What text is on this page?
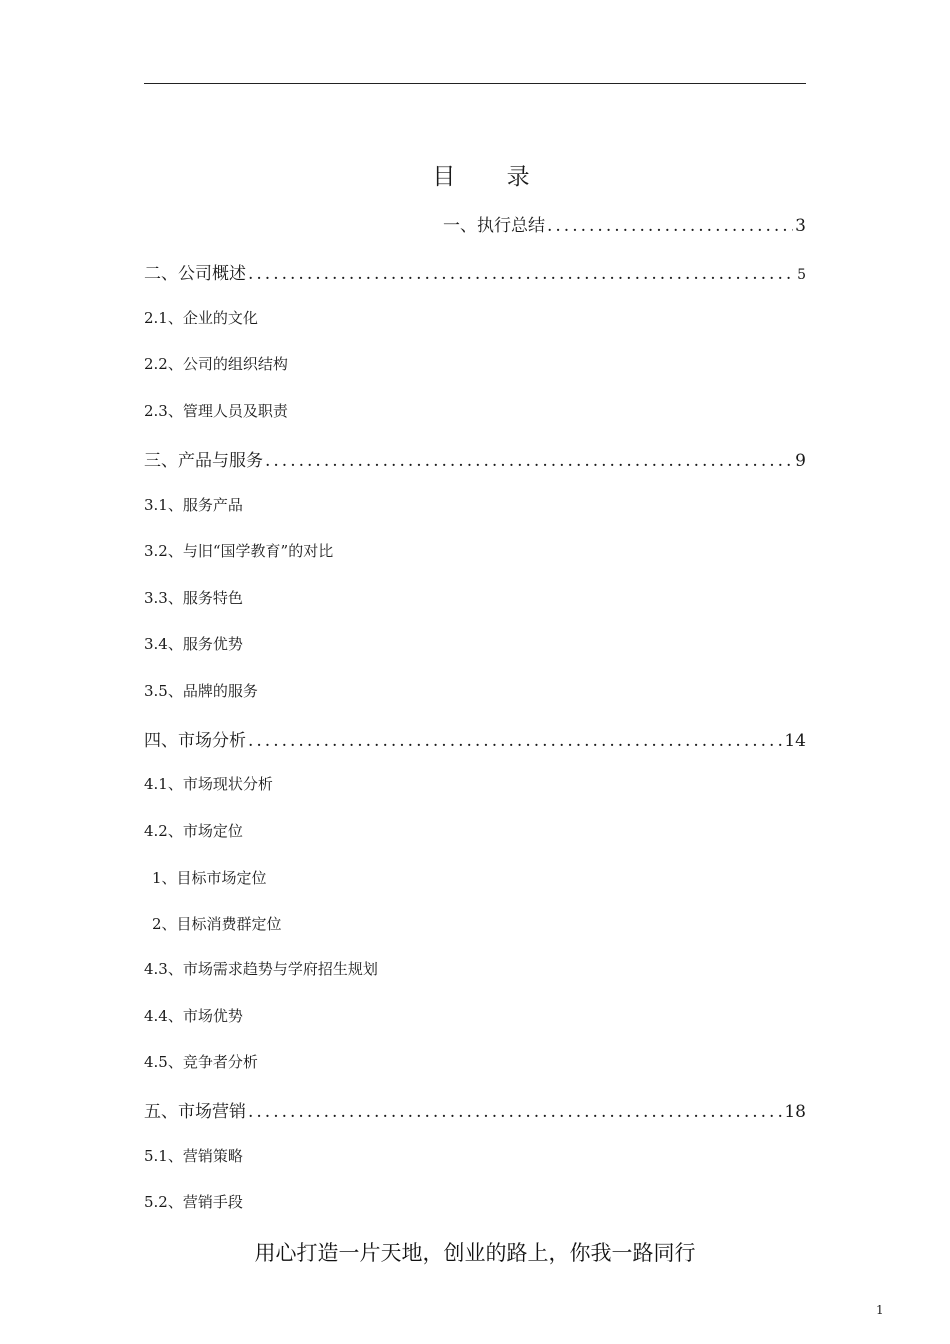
目 录
一、执行总结 .....	3
二、公司概述 .....	5
2.1、企业的文化
2.2、公司的组织结构
2.3、管理人员及职责
三、产品与服务 .....	9
3.1、服务产品
3.2、与旧“国学教育”的对比
3.3、服务特色
3.4、服务优势
3.5、品牌的服务
四、市场分析 .....	14
4.1、市场现状分析
4.2、市场定位
1、目标市场定位
2、目标消费群定位
4.3、市场需求趋势与学府招生规划
4.4、市场优势
4.5、竞争者分析
五、市场营销 .....	18
5.1、营销策略
5.2、营销手段
用心打造一片天地，创业的路上，你我一路同行
1
